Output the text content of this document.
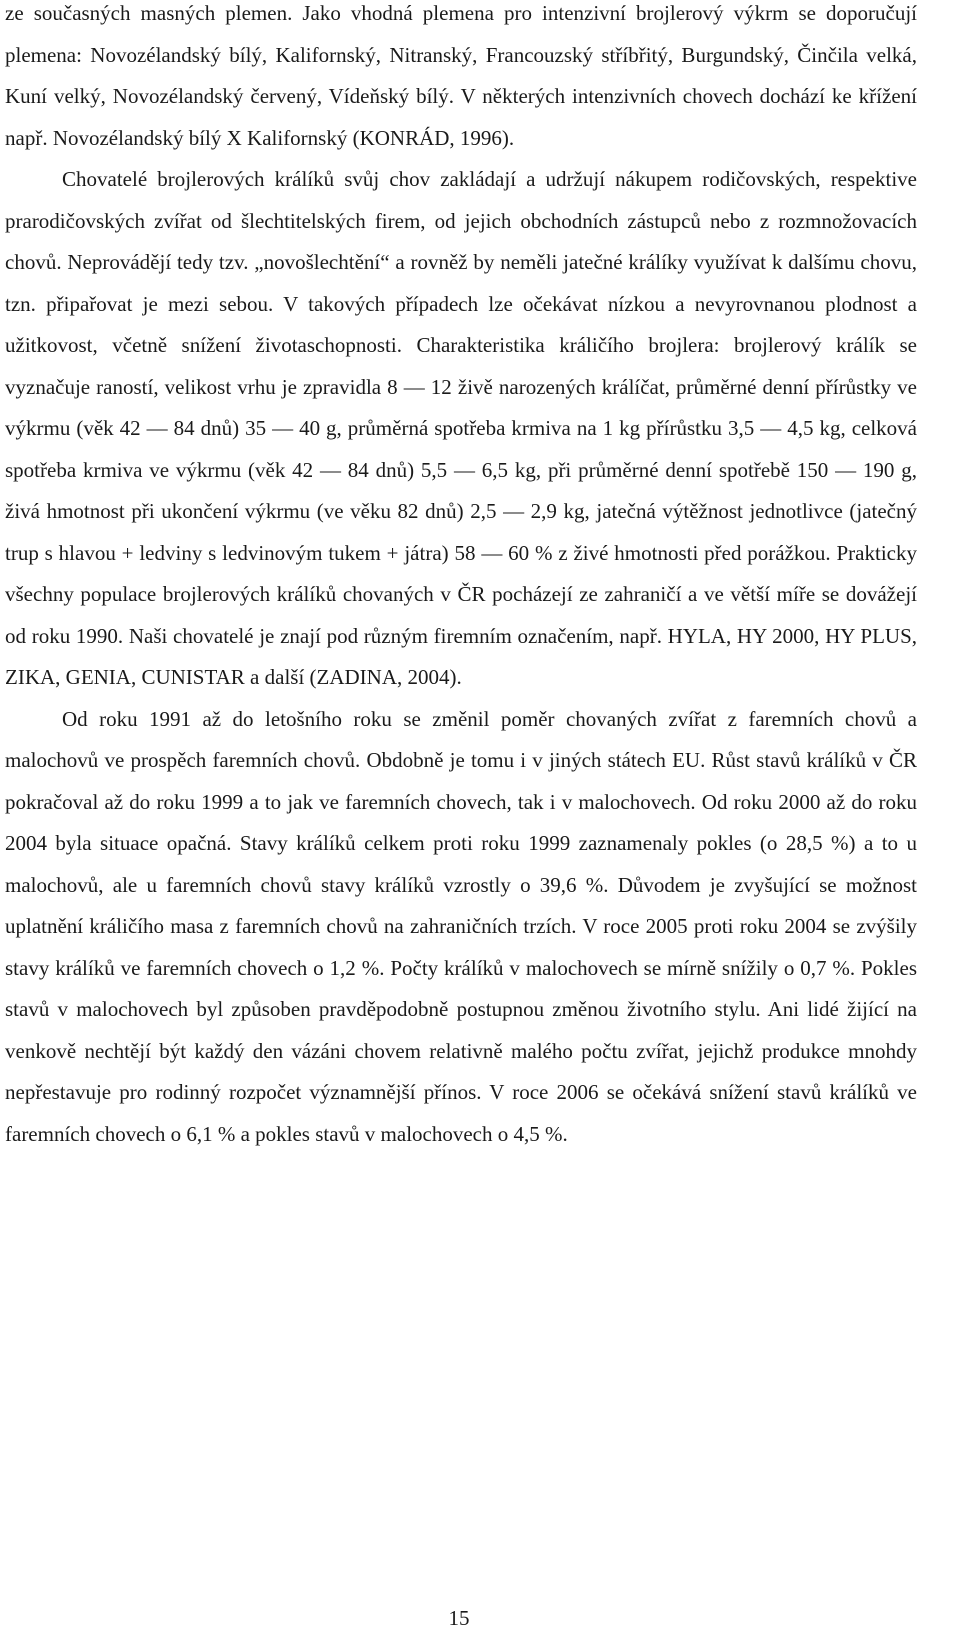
ze současných masných plemen. Jako vhodná plemena pro intenzivní brojlerový výkrm se doporučují plemena: Novozélandský bílý, Kalifornský, Nitranský, Francouzský stříbřitý, Burgundský, Činčila velká, Kuní velký, Novozélandský červený, Vídeňský bílý. V některých intenzivních chovech dochází ke křížení např. Novozélandský bílý X Kalifornský (KONRÁD, 1996).

Chovatelé brojlerových králíků svůj chov zakládají a udržují nákupem rodičovských, respektive prarodičovských zvířat od šlechtitelských firem, od jejich obchodních zástupců nebo z rozmnožovacích chovů. Neprovádějí tedy tzv. „novošlechtění“ a rovněž by neměli jatečné králíky využívat k dalšímu chovu, tzn. připařovat je mezi sebou. V takových případech lze očekávat nízkou a nevyrovnanou plodnost a užitkovost, včetně snížení životaschopnosti. Charakteristika králičího brojlera: brojlerový králík se vyznačuje raností, velikost vrhu je zpravidla 8 — 12 živě narozených králíčat, průměrné denní přírůstky ve výkrmu (věk 42 — 84 dnů) 35 — 40 g, průměrná spotřeba krmiva na 1 kg přírůstku 3,5 — 4,5 kg, celková spotřeba krmiva ve výkrmu (věk 42 — 84 dnů) 5,5 — 6,5 kg, při průměrné denní spotřebě 150 — 190 g, živá hmotnost při ukončení výkrmu (ve věku 82 dnů) 2,5 — 2,9 kg, jatečná výtěžnost jednotlivce (jatečný trup s hlavou + ledviny s ledvinovým tukem + játra) 58 — 60 % z živé hmotnosti před porážkou. Prakticky všechny populace brojlerových králíků chovaných v ČR pocházejí ze zahraničí a ve větší míře se dovážejí od roku 1990. Naši chovatelé je znají pod různým firemním označením, např. HYLA, HY 2000, HY PLUS, ZIKA, GENIA, CUNISTAR a další (ZADINA, 2004).

Od roku 1991 až do letošního roku se změnil poměr chovaných zvířat z faremních chovů a malochovů ve prospěch faremních chovů. Obdobně je tomu i v jiných státech EU. Růst stavů králíků v ČR pokračoval až do roku 1999 a to jak ve faremních chovech, tak i v malochovech. Od roku 2000 až do roku 2004 byla situace opačná. Stavy králíků celkem proti roku 1999 zaznamenaly pokles (o 28,5 %) a to u malochovů, ale u faremních chovů stavy králíků vzrostly o 39,6 %. Důvodem je zvyšující se možnost uplatnění králičího masa z faremních chovů na zahraničních trzích. V roce 2005 proti roku 2004 se zvýšily stavy králíků ve faremních chovech o 1,2 %. Počty králíků v malochovech se mírně snížily o 0,7 %. Pokles stavů v malochovech byl způsoben pravděpodobně postupnou změnou životního stylu. Ani lidé žijící na venkově nechtějí být každý den vázáni chovem relativně malého počtu zvířat, jejichž produkce mnohdy nepřestavuje pro rodinný rozpočet významnější přínos. V roce 2006 se očekává snížení stavů králíků ve faremních chovech o 6,1 % a pokles stavů v malochovech o 4,5 %.

15
